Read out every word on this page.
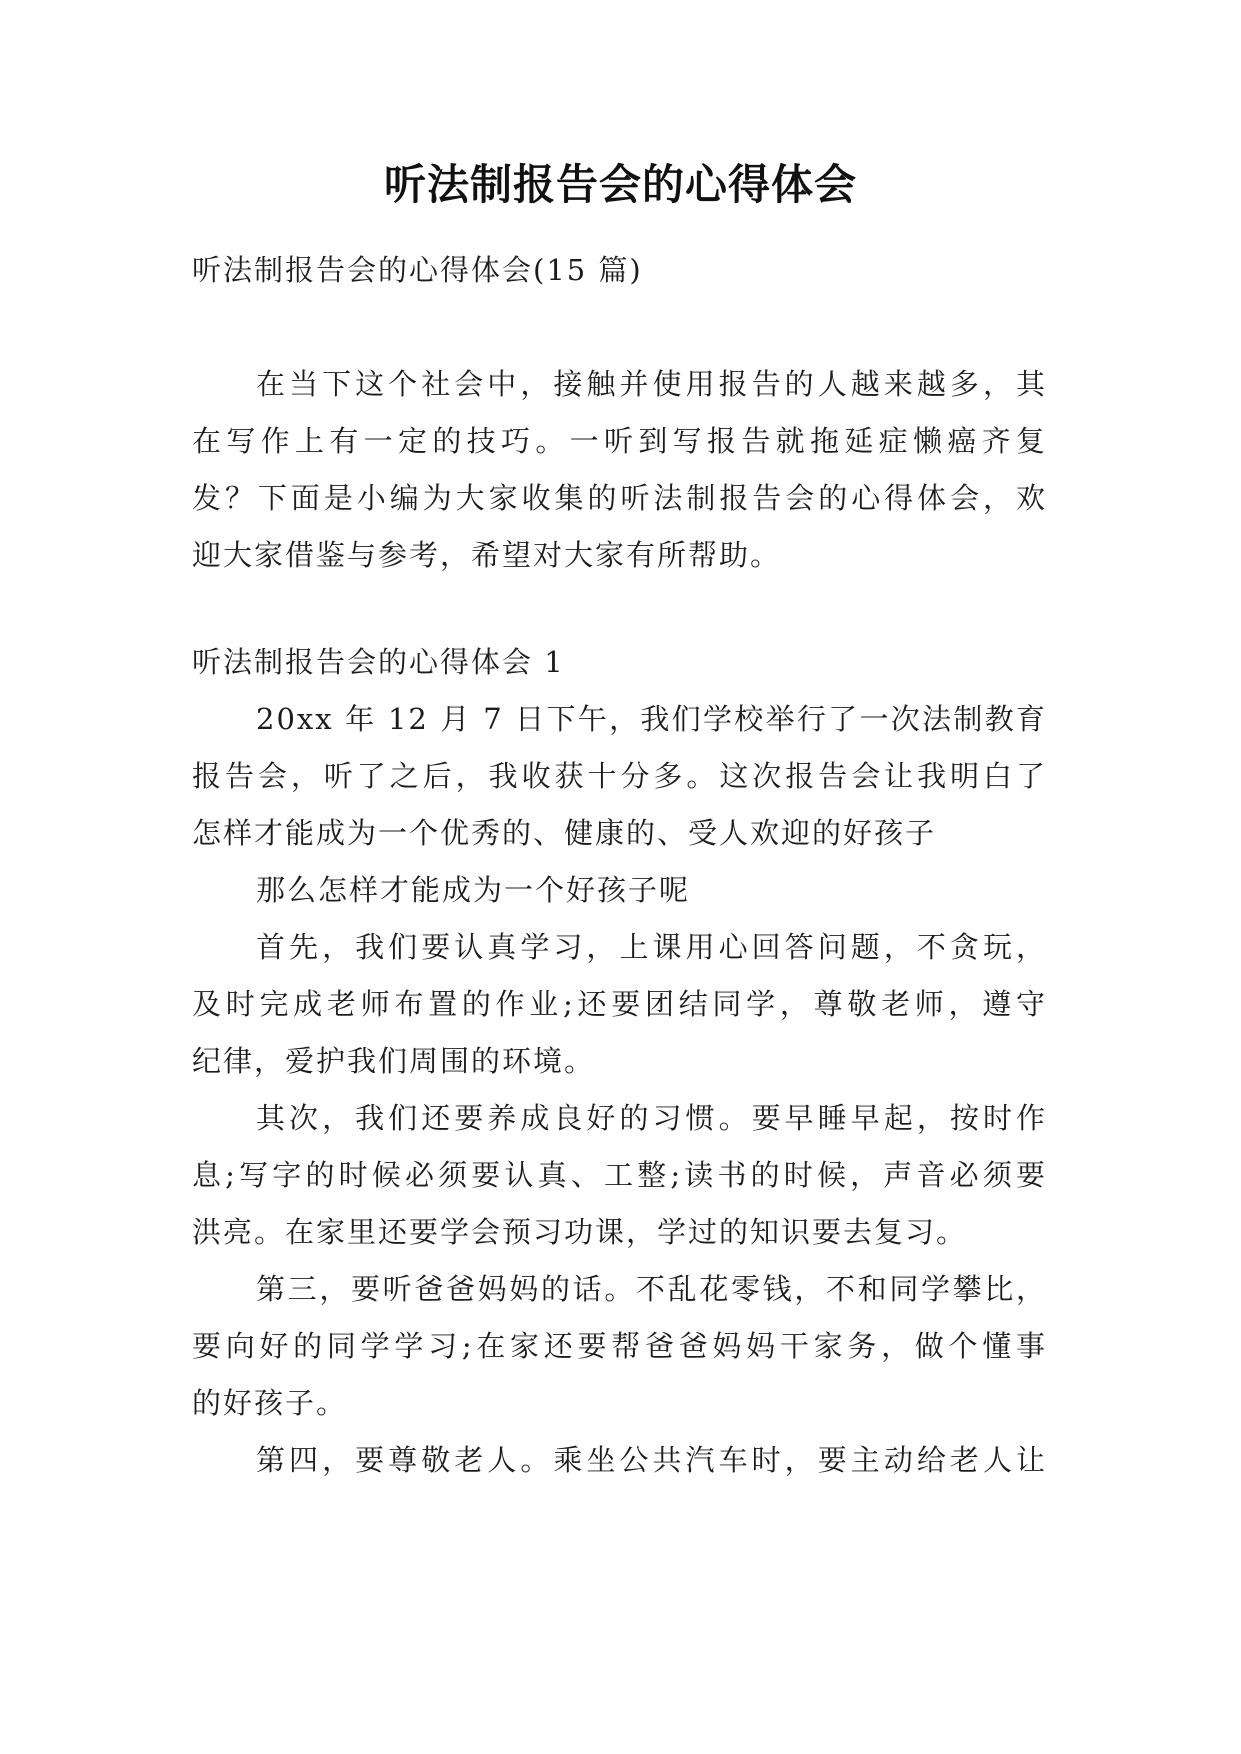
听法制报告会的心得体会
听法制报告会的心得体会(15 篇)
在当下这个社会中，接触并使用报告的人越来越多，其
在写作上有一定的技巧。一听到写报告就拖延症懒癌齐复
发？下面是小编为大家收集的听法制报告会的心得体会，欢
迎大家借鉴与参考，希望对大家有所帮助。
听法制报告会的心得体会 1
20xx 年 12 月 7 日下午，我们学校举行了一次法制教育
报告会，听了之后，我收获十分多。这次报告会让我明白了
怎样才能成为一个优秀的、健康的、受人欢迎的好孩子
那么怎样才能成为一个好孩子呢
首先，我们要认真学习，上课用心回答问题，不贪玩，
及时完成老师布置的作业;还要团结同学，尊敬老师，遵守
纪律，爱护我们周围的环境。
其次，我们还要养成良好的习惯。要早睡早起，按时作
息;写字的时候必须要认真、工整;读书的时候，声音必须要
洪亮。在家里还要学会预习功课，学过的知识要去复习。
第三，要听爸爸妈妈的话。不乱花零钱，不和同学攀比，
要向好的同学学习;在家还要帮爸爸妈妈干家务，做个懂事
的好孩子。
第四，要尊敬老人。乘坐公共汽车时，要主动给老人让
